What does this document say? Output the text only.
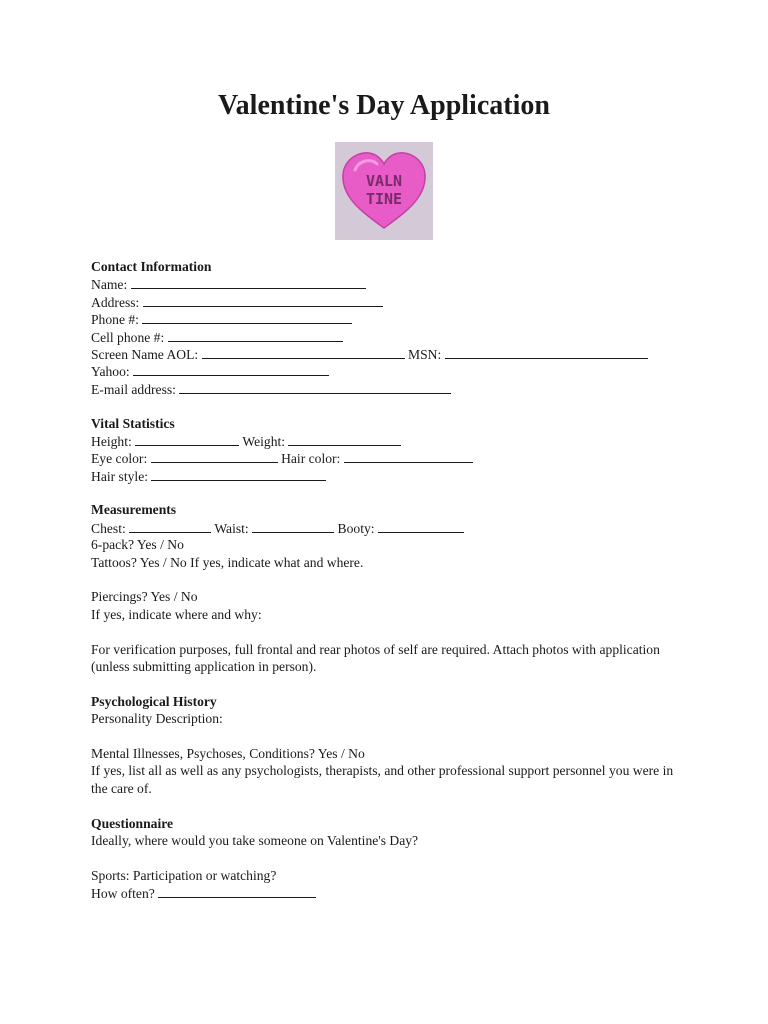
Valentine's Day Application
VALN
TINE
Contact Information
Name:
Address:
Phone #:
Cell phone #:
Screen Name AOL:	MSN:
Yahoo:
E-mail address:
Vital Statistics
Height:	Weight:
Eye color:	Hair color:
Hair style:
Measurements
Chest:	Waist:	Booty:
6-pack? Yes / No
Tattoos? Yes / No If yes, indicate what and where.
Piercings? Yes / No
If yes, indicate where and why:
For verification purposes, full frontal and rear photos of self are required. Attach photos with application (unless submitting application in person).
Psychological History
Personality Description:
Mental Illnesses, Psychoses, Conditions? Yes / No
If yes, list all as well as any psychologists, therapists, and other professional support personnel you were in the care of.
Questionnaire
Ideally, where would you take someone on Valentine's Day?
Sports: Participation or watching?
How often?
